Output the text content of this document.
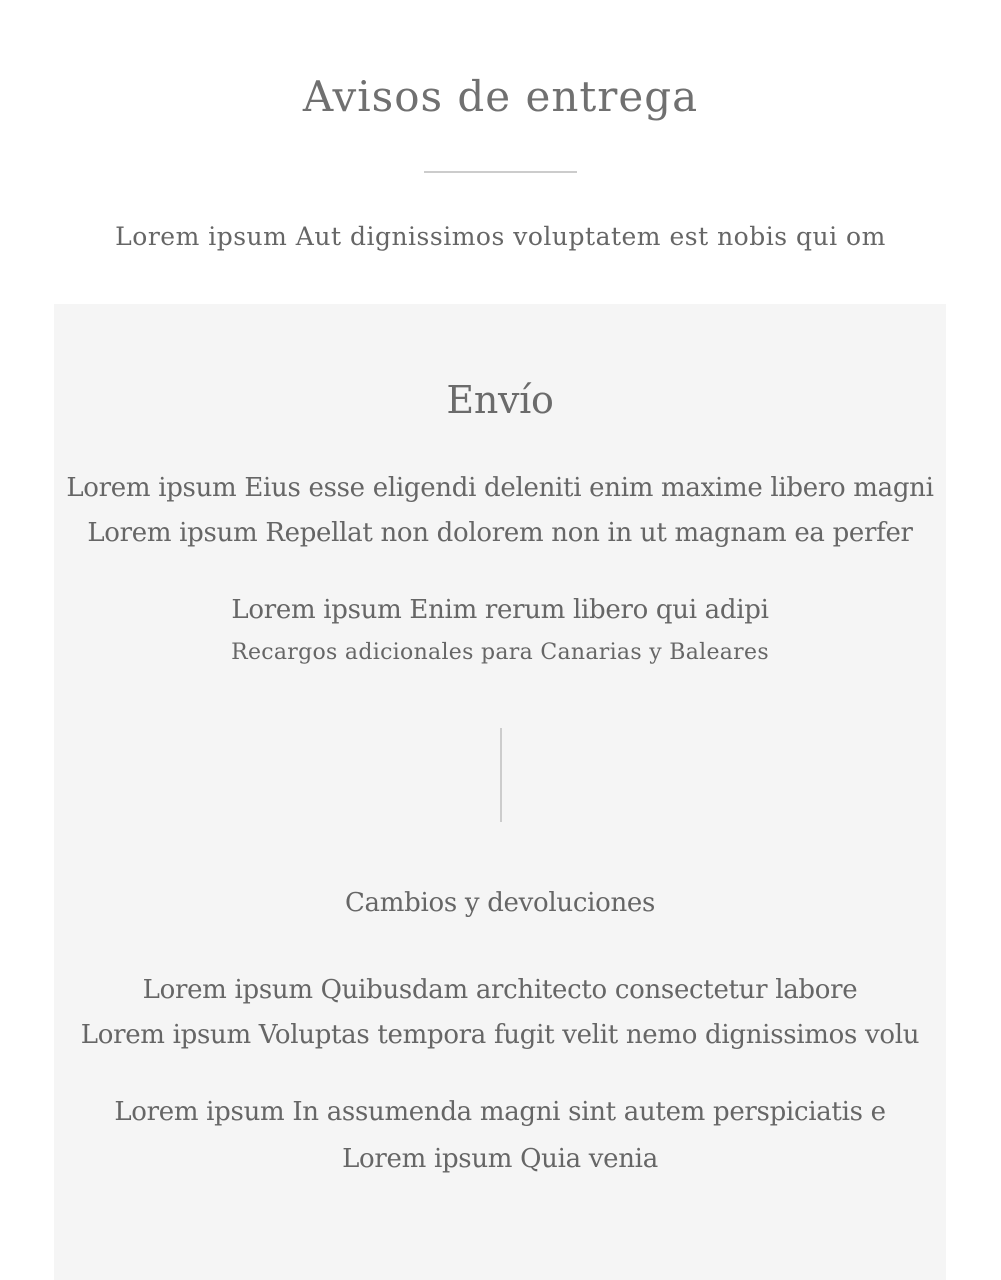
Avisos de entrega
Lorem ipsum Aut dignissimos voluptatem est nobis qui om
Envío
Lorem ipsum Eius esse eligendi deleniti enim maxime libero magni
Lorem ipsum Repellat non dolorem non in ut magnam ea perfer
Lorem ipsum Enim rerum libero qui adipi
Recargos adicionales para Canarias y Baleares
Cambios y devoluciones
Lorem ipsum Quibusdam architecto consectetur labore
Lorem ipsum Voluptas tempora fugit velit nemo dignissimos volu
Lorem ipsum In assumenda magni sint autem perspiciatis e
Lorem ipsum Quia venia
